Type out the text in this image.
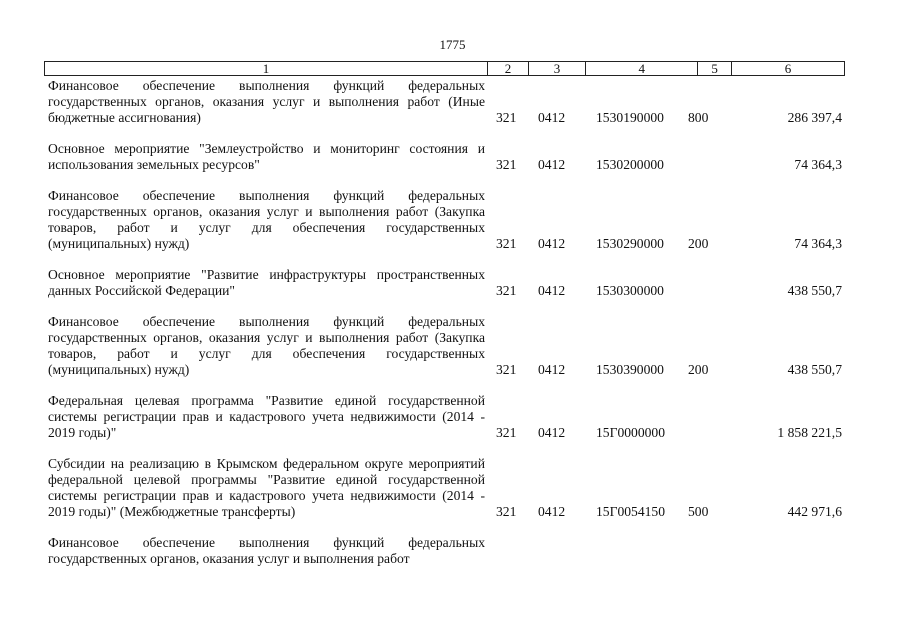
1775
1	2	3	4	5	6
Финансовое обеспечение выполнения функций федеральных государственных органов, оказания услуг и выполнения работ (Иные бюджетные ассигнования)	321 0412 1530190000 800	286 397,4
Основное мероприятие "Землеустройство и мониторинг состояния и использования земельных ресурсов"	321 0412 1530200000	74 364,3
Финансовое обеспечение выполнения функций федеральных государственных органов, оказания услуг и выполнения работ (Закупка товаров, работ и услуг для обеспечения государственных (муниципальных) нужд)	321 0412 1530290000 200	74 364,3
Основное мероприятие "Развитие инфраструктуры пространственных данных Российской Федерации"	321 0412 1530300000	438 550,7
Финансовое обеспечение выполнения функций федеральных государственных органов, оказания услуг и выполнения работ (Закупка товаров, работ и услуг для обеспечения государственных (муниципальных) нужд)	321 0412 1530390000 200	438 550,7
Федеральная целевая программа "Развитие единой государственной системы регистрации прав и кадастрового учета недвижимости (2014 - 2019 годы)"	321 0412 15Г0000000	1 858 221,5
Субсидии на реализацию в Крымском федеральном округе мероприятий федеральной целевой программы "Развитие единой государственной системы регистрации прав и кадастрового учета недвижимости (2014 - 2019 годы)" (Межбюджетные трансферты)	321 0412 15Г0054150 500	442 971,6
Финансовое обеспечение выполнения функций федеральных государственных органов, оказания услуг и выполнения работ
